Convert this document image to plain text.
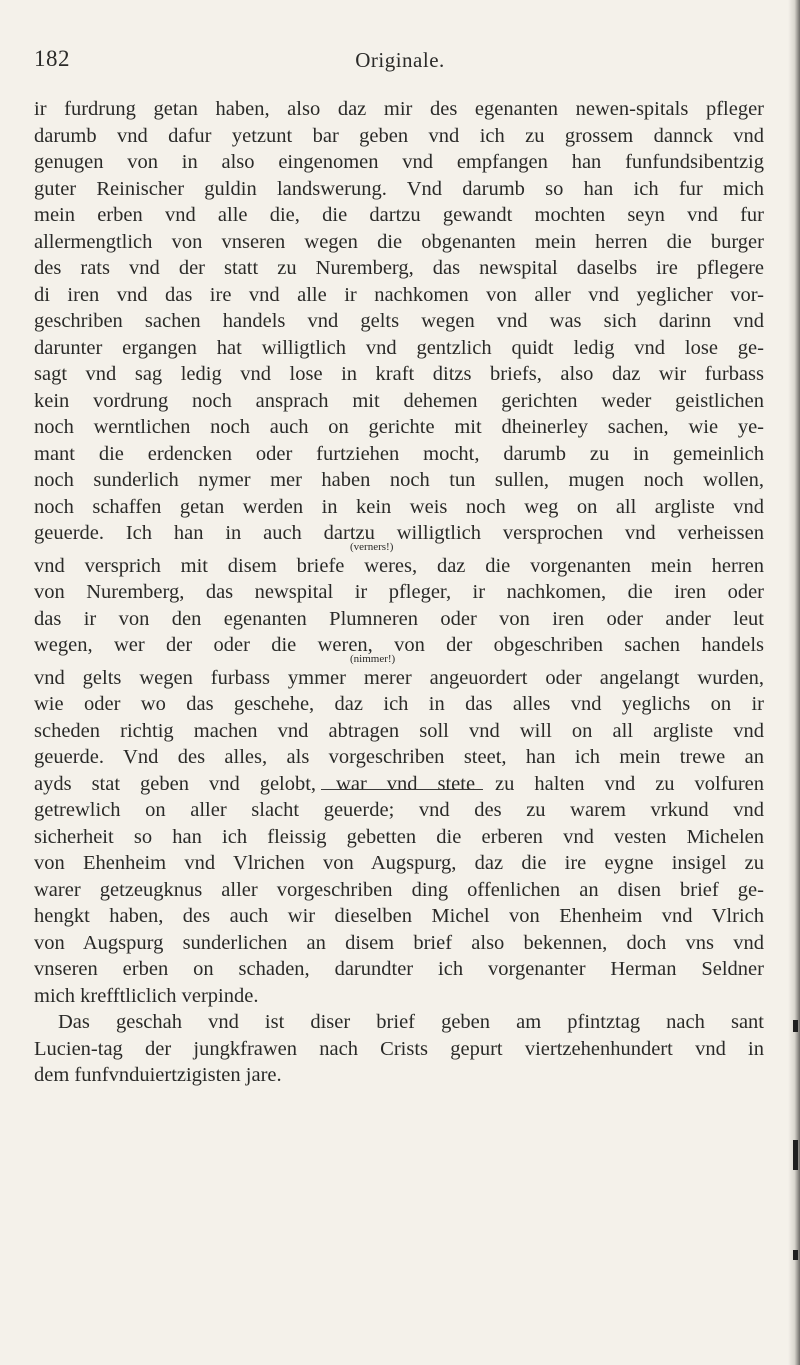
182	Originale.
ir furdrung getan haben, also daz mir des egenanten newen-spitals pfleger
darumb vnd dafur yetzunt bar geben vnd ich zu grossem dannck vnd
genugen von in also eingenomen vnd empfangen han funfundsibentzig
guter Reinischer guldin landswerung. Vnd darumb so han ich fur mich
mein erben vnd alle die, die dartzu gewandt mochten seyn vnd fur
allermengtlich von vnseren wegen die obgenanten mein herren die burger
des rats vnd der statt zu Nuremberg, das newspital daselbs ire pflegere
di iren vnd das ire vnd alle ir nachkomen von aller vnd yeglicher vor-
geschriben sachen handels vnd gelts wegen vnd was sich darinn vnd
darunter ergangen hat willigtlich vnd gentzlich quidt ledig vnd lose ge-
sagt vnd sag ledig vnd lose in kraft ditzs briefs, also daz wir furbass
kein vordrung noch ansprach mit dehemen gerichten weder geistlichen
noch werntlichen noch auch on gerichte mit dheinerley sachen, wie ye-
mant die erdencken oder furtziehen mocht, darumb zu in gemeinlich
noch sunderlich nymer mer haben noch tun sullen, mugen noch wollen,
noch schaffen getan werden in kein weis noch weg on all argliste vnd
geuerde. Ich han in auch dartzu willigtlich versprochen vnd verheissen
(verners!)
vnd versprich mit disem briefe weres, daz die vorgenanten mein herren
von Nuremberg, das newspital ir pfleger, ir nachkomen, die iren oder
das ir von den egenanten Plumneren oder von iren oder ander leut
wegen, wer der oder die weren, von der obgeschriben sachen handels
(nimmer!)
vnd gelts wegen furbass ymmer merer angeuordert oder angelangt wurden,
wie oder wo das geschehe, daz ich in das alles vnd yeglichs on ir
scheden richtig machen vnd abtragen soll vnd will on all argliste vnd
geuerde. Vnd des alles, als vorgeschriben steet, han ich mein trewe an
ayds stat geben vnd gelobt, war vnd stete zu halten vnd zu volfuren
getrewlich on aller slacht geuerde; vnd des zu warem vrkund vnd
sicherheit so han ich fleissig gebetten die erberen vnd vesten Michelen
von Ehenheim vnd Vlrichen von Augspurg, daz die ire eygne insigel zu
warer getzeugknus aller vorgeschriben ding offenlichen an disen brief ge-
hengkt haben, des auch wir dieselben Michel von Ehenheim vnd Vlrich
von Augspurg sunderlichen an disem brief also bekennen, doch vns vnd
vnseren erben on schaden, darundter ich vorgenanter Herman Seldner
mich krefftliclich verpinde.
Das geschah vnd ist diser brief geben am pfintztag nach sant
Lucien-tag der jungkfrawen nach Crists gepurt viertzehenhundert vnd in
dem funfvnduiertzigisten jare.
